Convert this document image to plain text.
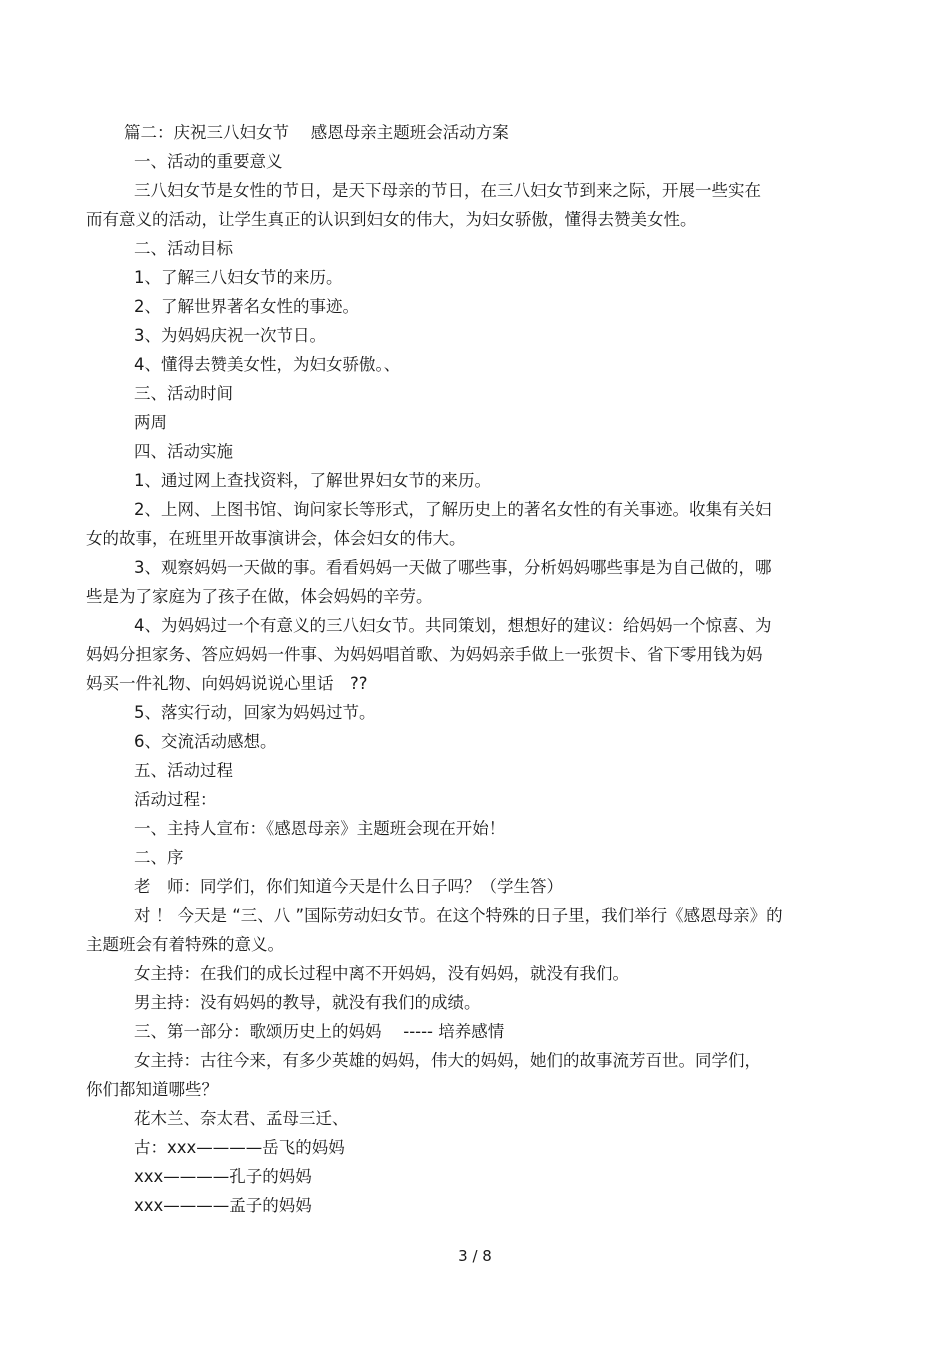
篇二：庆祝三八妇女节　 感恩母亲主题班会活动方案
一、活动的重要意义
三八妇女节是女性的节日，是天下母亲的节日，在三八妇女节到来之际，开展一些实在
而有意义的活动，让学生真正的认识到妇女的伟大，为妇女骄傲，懂得去赞美女性。
二、活动目标
1、了解三八妇女节的来历。
2、了解世界著名女性的事迹。
3、为妈妈庆祝一次节日。
4、懂得去赞美女性，为妇女骄傲。、
三、活动时间
两周
四、活动实施
1、通过网上查找资料，了解世界妇女节的来历。
2、上网、上图书馆、询问家长等形式，了解历史上的著名女性的有关事迹。收集有关妇
女的故事，在班里开故事演讲会，体会妇女的伟大。
3、观察妈妈一天做的事。看看妈妈一天做了哪些事，分析妈妈哪些事是为自己做的，哪
些是为了家庭为了孩子在做，体会妈妈的辛劳。
4、为妈妈过一个有意义的三八妇女节。共同策划，想想好的建议：给妈妈一个惊喜、为
妈妈分担家务、答应妈妈一件事、为妈妈唱首歌、为妈妈亲手做上一张贺卡、省下零用钱为妈
妈买一件礼物、向妈妈说说心里话　??
5、落实行动，回家为妈妈过节。
6、交流活动感想。
五、活动过程
活动过程：
一、主持人宣布：《感恩母亲》主题班会现在开始！
二、序
老　师：同学们，你们知道今天是什么日子吗？（学生答）
对 ！ 今天是 “三、八 ”国际劳动妇女节。在这个特殊的日子里，我们举行《感恩母亲》的
主题班会有着特殊的意义。
女主持：在我们的成长过程中离不开妈妈，没有妈妈，就没有我们。
男主持：没有妈妈的教导，就没有我们的成绩。
三、第一部分：歌颂历史上的妈妈　 ----- 培养感情
女主持：古往今来，有多少英雄的妈妈，伟大的妈妈，她们的故事流芳百世。同学们，
你们都知道哪些？
花木兰、奈太君、孟母三迁、
古：xxx————岳飞的妈妈
xxx————孔子的妈妈
xxx————孟子的妈妈
3 / 8
